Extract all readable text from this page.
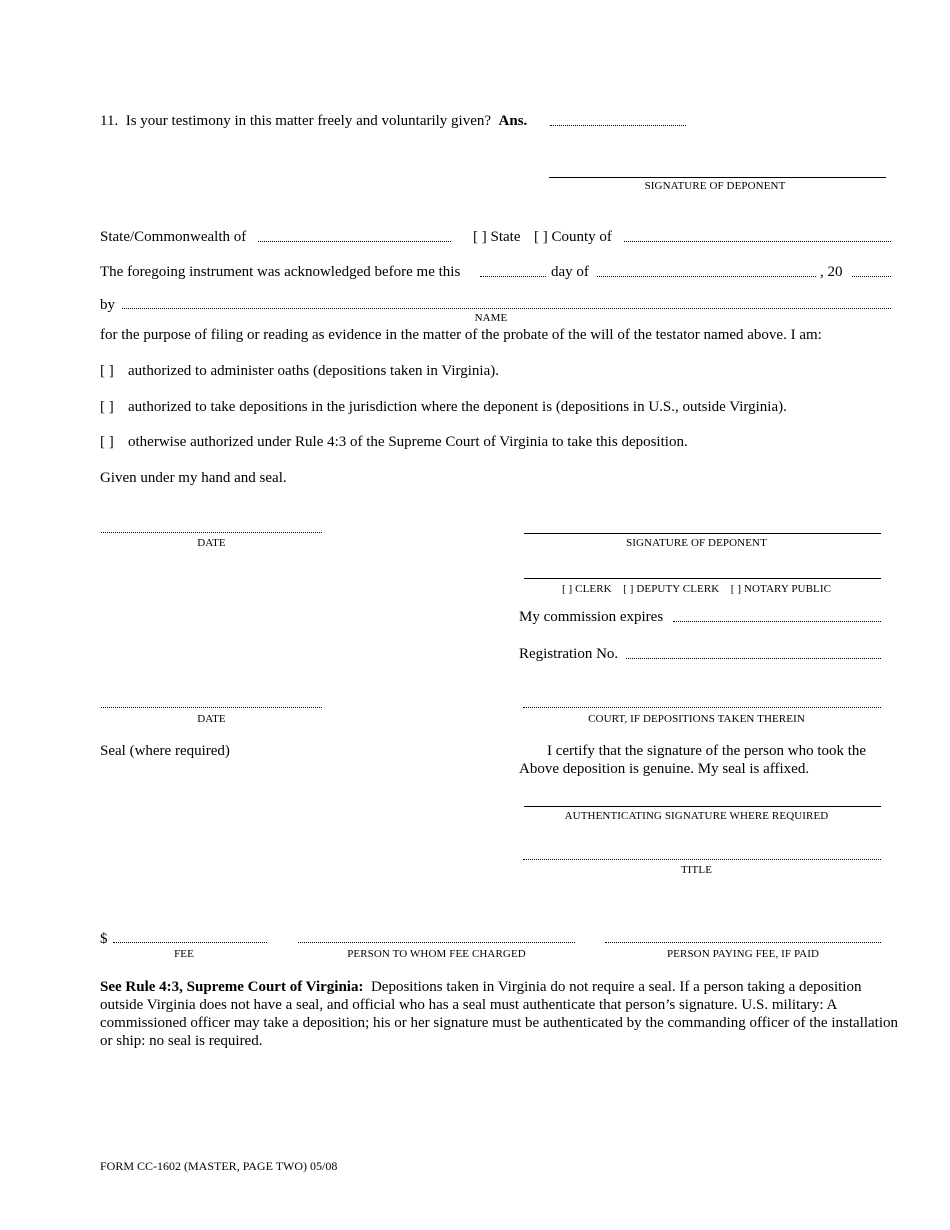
11. Is your testimony in this matter freely and voluntarily given? Ans.
SIGNATURE OF DEPONENT
State/Commonwealth of	[ ] State [ ] County of
The foregoing instrument was acknowledged before me this	day of	, 20
by
NAME
for the purpose of filing or reading as evidence in the matter of the probate of the will of the testator named above. I am:
[ ] authorized to administer oaths (depositions taken in Virginia).
[ ] authorized to take depositions in the jurisdiction where the deponent is (depositions in U.S., outside Virginia).
[ ] otherwise authorized under Rule 4:3 of the Supreme Court of Virginia to take this deposition.
Given under my hand and seal.
DATE	SIGNATURE OF DEPONENT
[ ] CLERK    [ ] DEPUTY CLERK    [ ] NOTARY PUBLIC
My commission expires
Registration No.
DATE	COURT, IF DEPOSITIONS TAKEN THEREIN
Seal (where required)	I certify that the signature of the person who took the
Above deposition is genuine. My seal is affixed.
AUTHENTICATING SIGNATURE WHERE REQUIRED
TITLE
$
FEE	PERSON TO WHOM FEE CHARGED	PERSON PAYING FEE, IF PAID
See Rule 4:3, Supreme Court of Virginia: Depositions taken in Virginia do not require a seal. If a person taking a deposition outside Virginia does not have a seal, and official who has a seal must authenticate that person’s signature. U.S. military: A commissioned officer may take a deposition; his or her signature must be authenticated by the commanding officer of the installation or ship: no seal is required.
FORM CC-1602 (MASTER, PAGE TWO) 05/08
